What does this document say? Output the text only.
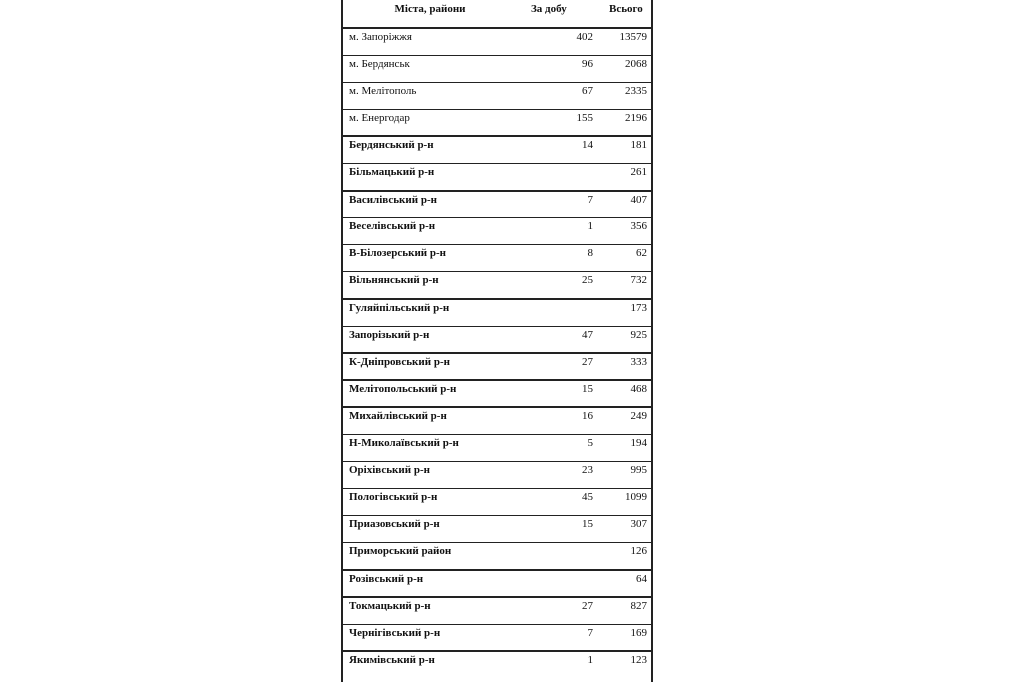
Міста, райони	За добу	Всього
м. Запоріжжя	402	13579
м. Бердянськ	96	2068
м. Мелітополь	67	2335
м. Енергодар	155	2196
Бердянський р-н	14	181
Більмацький р-н		261
Василівський р-н	7	407
Веселівський р-н	1	356
В-Білозерський р-н	8	62
Вільнянський р-н	25	732
Гуляйпільський р-н		173
Запорізький р-н	47	925
К-Дніпровський р-н	27	333
Мелітопольський р-н	15	468
Михайлівський р-н	16	249
Н-Миколаївський р-н	5	194
Оріхівський р-н	23	995
Пологівський р-н	45	1099
Приазовський р-н	15	307
Приморський район		126
Розівський р-н		64
Токмацький р-н	27	827
Чернігівський р-н	7	169
Якимівський р-н	1	123
